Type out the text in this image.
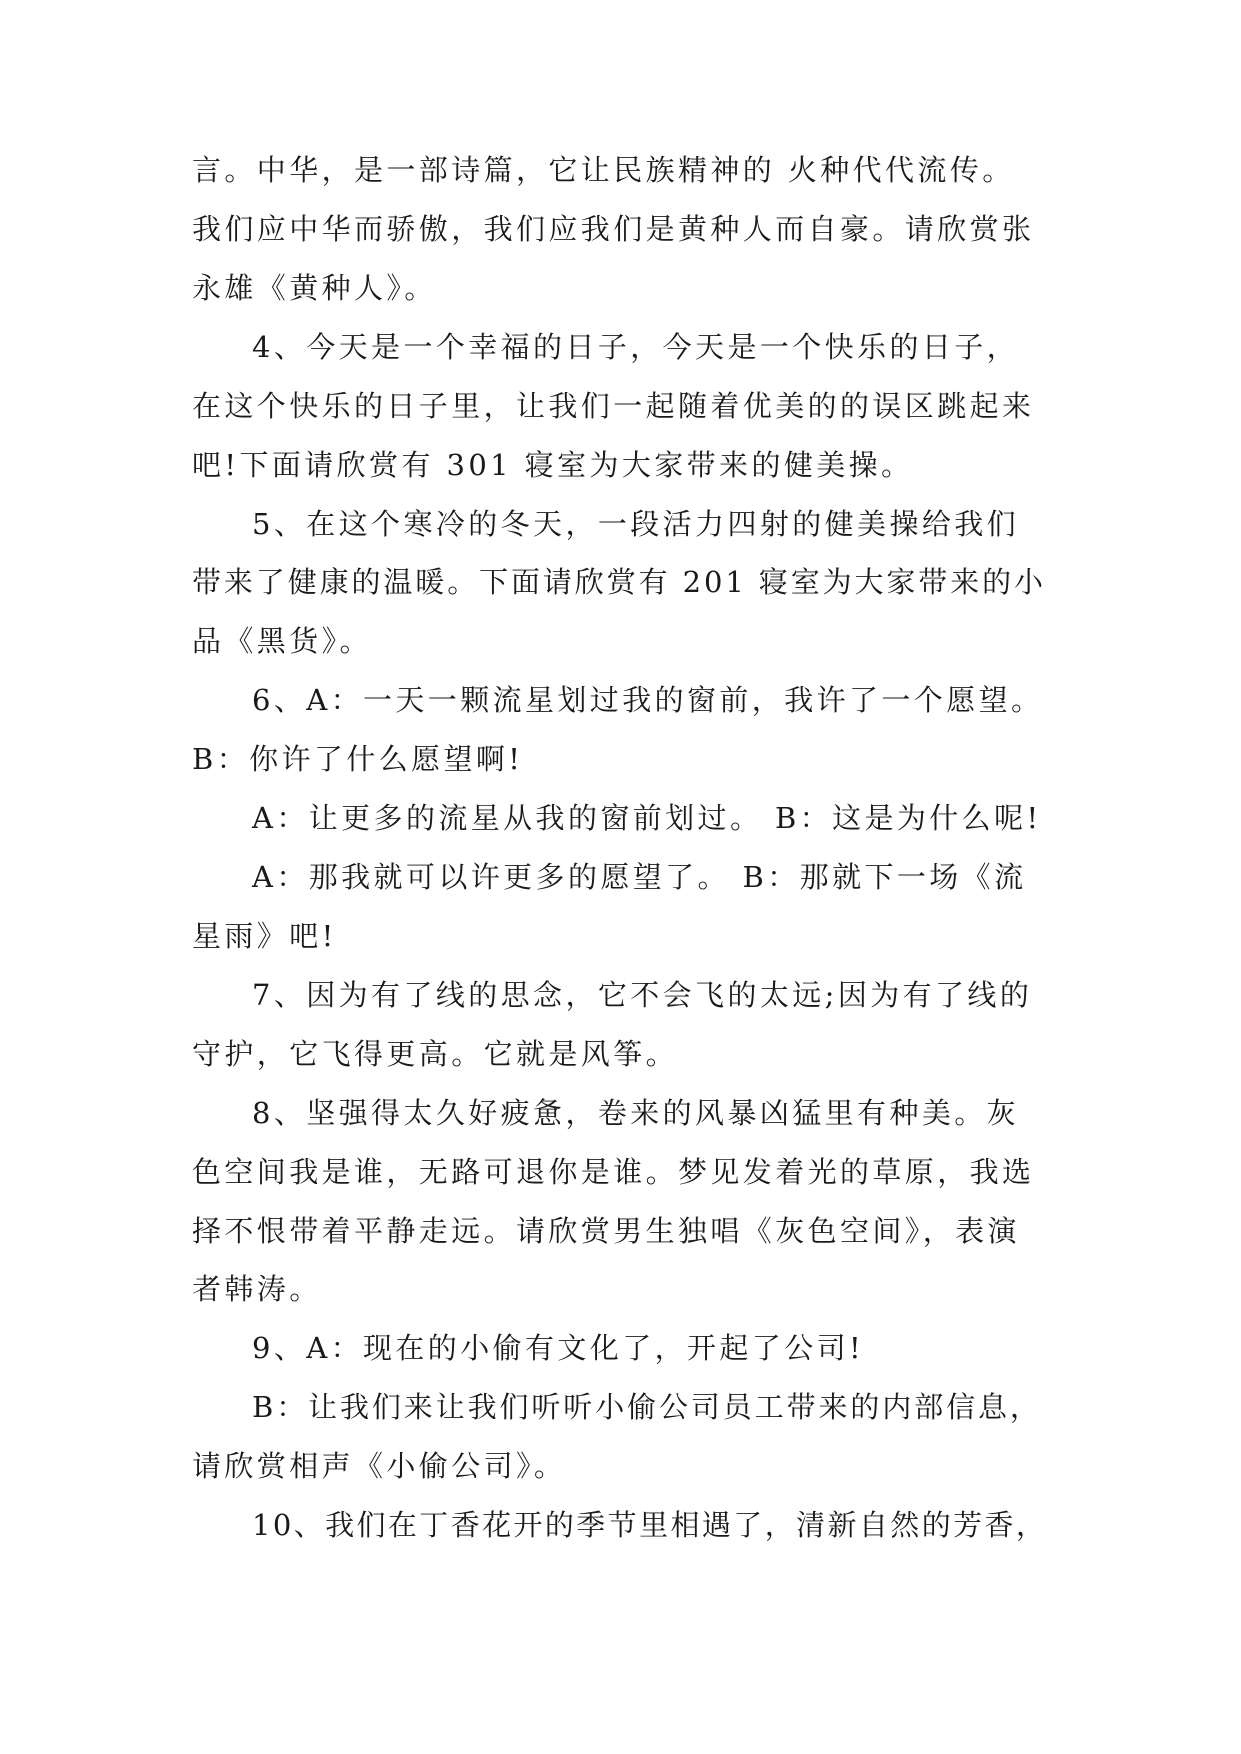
言。中华，是一部诗篇，它让民族精神的 火种代代流传。
我们应中华而骄傲，我们应我们是黄种人而自豪。请欣赏张
永雄《黄种人》。
4、今天是一个幸福的日子，今天是一个快乐的日子，
在这个快乐的日子里，让我们一起随着优美的的误区跳起来
吧!下面请欣赏有 301 寝室为大家带来的健美操。
5、在这个寒冷的冬天，一段活力四射的健美操给我们
带来了健康的温暖。下面请欣赏有 201 寝室为大家带来的小
品《黑货》。
6、A：一天一颗流星划过我的窗前，我许了一个愿望。
B：你许了什么愿望啊!
A：让更多的流星从我的窗前划过。 B：这是为什么呢!
A：那我就可以许更多的愿望了。 B：那就下一场《流
星雨》吧!
7、因为有了线的思念，它不会飞的太远;因为有了线的
守护，它飞得更高。它就是风筝。
8、坚强得太久好疲惫，卷来的风暴凶猛里有种美。灰
色空间我是谁，无路可退你是谁。梦见发着光的草原，我选
择不恨带着平静走远。请欣赏男生独唱《灰色空间》，表演
者韩涛。
9、A：现在的小偷有文化了，开起了公司!
B：让我们来让我们听听小偷公司员工带来的内部信息，
请欣赏相声《小偷公司》。
10、我们在丁香花开的季节里相遇了，清新自然的芳香，
